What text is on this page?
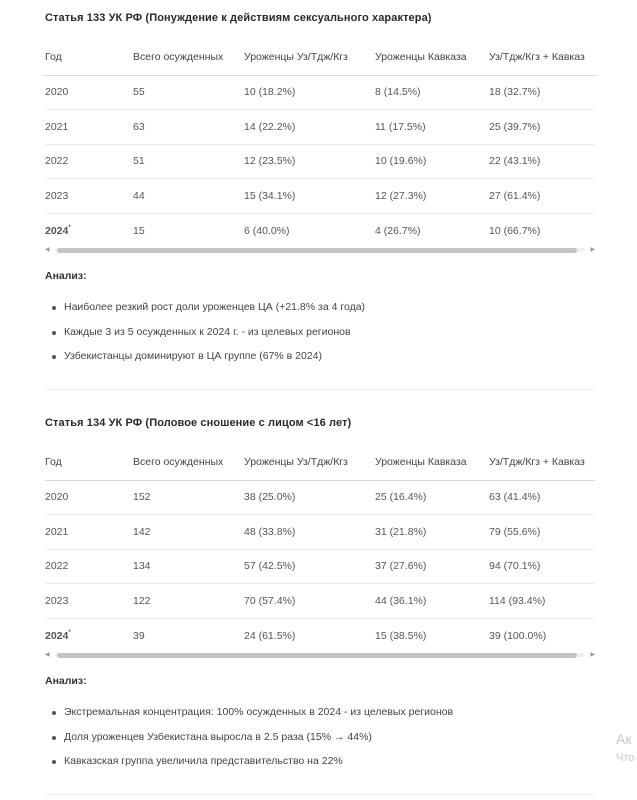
Статья 133 УК РФ (Понуждение к действиям сексуального характера)
Год	Всего осужденных	Уроженцы Уз/Тдж/Кгз	Уроженцы Кавказа	Уз/Тдж/Кгз + Кавказ
2020	55	10 (18.2%)	8 (14.5%)	18 (32.7%)
2021	63	14 (22.2%)	11 (17.5%)	25 (39.7%)
2022	51	12 (23.5%)	10 (19.6%)	22 (43.1%)
2023	44	15 (34.1%)	12 (27.3%)	27 (61.4%)
2024*	15	6 (40.0%)	4 (26.7%)	10 (66.7%)
◀	▶
Анализ:
Наиболее резкий рост доли уроженцев ЦА (+21.8% за 4 года)
Каждые 3 из 5 осужденных к 2024 г. - из целевых регионов
Узбекистанцы доминируют в ЦА группе (67% в 2024)
Статья 134 УК РФ (Половое сношение с лицом <16 лет)
Год	Всего осужденных	Уроженцы Уз/Тдж/Кгз	Уроженцы Кавказа	Уз/Тдж/Кгз + Кавказ
2020	152	38 (25.0%)	25 (16.4%)	63 (41.4%)
2021	142	48 (33.8%)	31 (21.8%)	79 (55.6%)
2022	134	57 (42.5%)	37 (27.6%)	94 (70.1%)
2023	122	70 (57.4%)	44 (36.1%)	114 (93.4%)
2024*	39	24 (61.5%)	15 (38.5%)	39 (100.0%)
◀	▶
Анализ:
Экстремальная концентрация: 100% осужденных в 2024 - из целевых регионов
Доля уроженцев Узбекистана выросла в 2.5 раза (15% → 44%)
Кавказская группа увеличила представительство на 22%
Ак
Что
